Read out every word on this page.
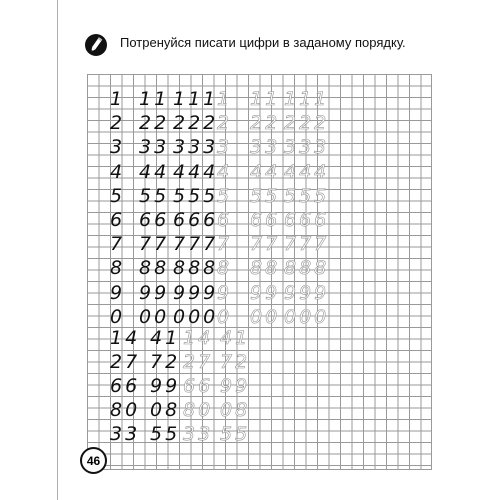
Потренуйся писати цифри в заданому порядку.
1 11 111
1 11 111
2 22 222
2 22 222
3 33 333
3 33 333
4 44 444
4 44 444
5 55 555
5 55 555
6 66 666
6 66 666
7 77 777
7 77 777
8 88 888
8 88 888
9 99 999
9 99 999
0 00 000
0 00 000
14 41 14 41
27 72 27 72
66 99 66 99
80 08 80 08
33 55 33 55
46
